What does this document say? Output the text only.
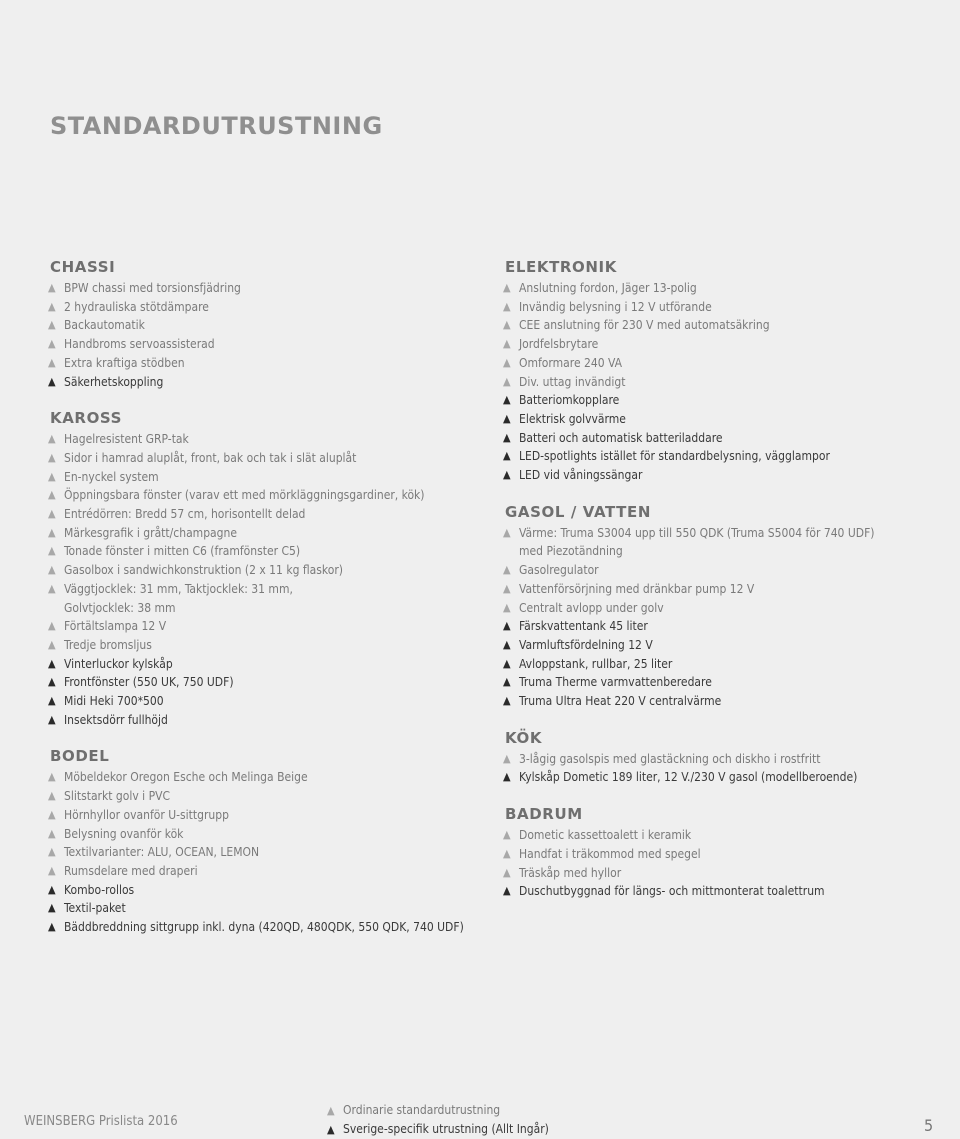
STANDARDUTRUSTNING
CHASSI
▲ BPW chassi med torsionsfjädring
▲ 2 hydrauliska stötdämpare
▲ Backautomatik
▲ Handbroms servoassisterad
▲ Extra kraftiga stödben
▲ Säkerhetskoppling
KAROSS
▲ Hagelresistent GRP-tak
▲ Sidor i hamrad aluplåt, front, bak och tak i slät aluplåt
▲ En-nyckel system
▲ Öppningsbara fönster (varav ett med mörkläggningsgardiner, kök)
▲ Entrédörren: Bredd 57 cm, horisontellt delad
▲ Märkesgrafik i grått/champagne
▲ Tonade fönster i mitten C6 (framfönster C5)
▲ Gasolbox i sandwichkonstruktion (2 x 11 kg flaskor)
▲ Väggtjocklek: 31 mm, Taktjocklek: 31 mm,
Golvtjocklek: 38 mm
▲ Förtältslampa 12 V
▲ Tredje bromsljus
▲ Vinterluckor kylskåp
▲ Frontfönster (550 UK, 750 UDF)
▲ Midi Heki 700*500
▲ Insektsdörr fullhöjd
BODEL
▲ Möbeldekor Oregon Esche och Melinga Beige
▲ Slitstarkt golv i PVC
▲ Hörnhyllor ovanför U-sittgrupp
▲ Belysning ovanför kök
▲ Textilvarianter: ALU, OCEAN, LEMON
▲ Rumsdelare med draperi
▲ Kombo-rollos
▲ Textil-paket
▲ Bäddbreddning sittgrupp inkl. dyna (420QD, 480QDK, 550 QDK, 740 UDF)
ELEKTRONIK
▲ Anslutning fordon, Jäger 13-polig
▲ Invändig belysning i 12 V utförande
▲ CEE anslutning för 230 V med automatsäkring
▲ Jordfelsbrytare
▲ Omformare 240 VA
▲ Div. uttag invändigt
▲ Batteriomkopplare
▲ Elektrisk golvvärme
▲ Batteri och automatisk batteriladdare
▲ LED-spotlights istället för standardbelysning, vägglampor
▲ LED vid våningssängar
GASOL / VATTEN
▲ Värme: Truma S3004 upp till 550 QDK (Truma S5004 för 740 UDF)
med Piezotändning
▲ Gasolregulator
▲ Vattenförsörjning med dränkbar pump 12 V
▲ Centralt avlopp under golv
▲ Färskvattentank 45 liter
▲ Varmluftsfördelning 12 V
▲ Avloppstank, rullbar, 25 liter
▲ Truma Therme varmvattenberedare
▲ Truma Ultra Heat 220 V centralvärme
KÖK
▲ 3-lågig gasolspis med glastäckning och diskho i rostfritt
▲ Kylskåp Dometic 189 liter, 12 V./230 V gasol (modellberoende)
BADRUM
▲ Dometic kassettoalett i keramik
▲ Handfat i träkommod med spegel
▲ Träskåp med hyllor
▲ Duschutbyggnad för längs- och mittmonterat toalettrum
WEINSBERG Prislista 2016
▲ Ordinarie standardutrustning
▲ Sverige-specifik utrustning (Allt Ingår)	5
